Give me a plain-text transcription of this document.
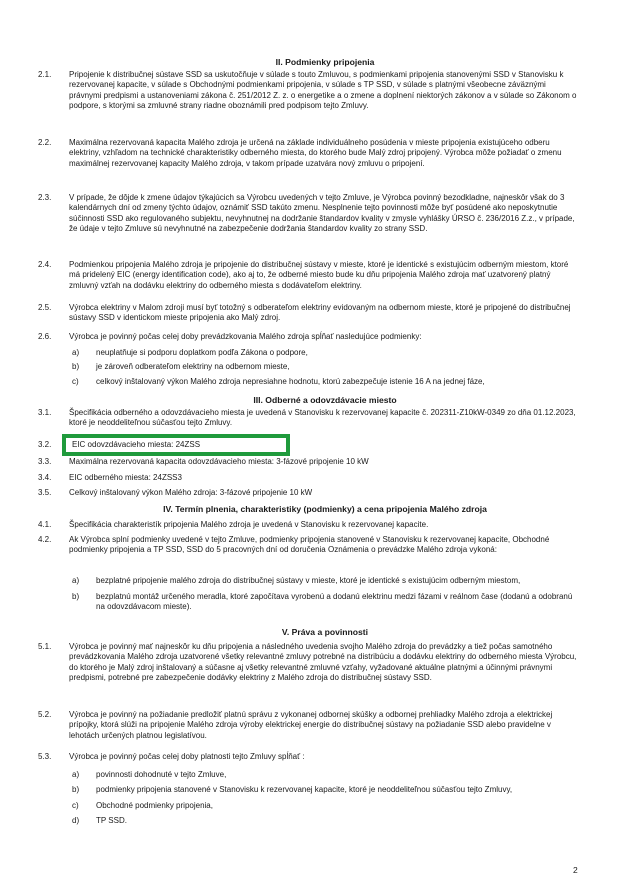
II. Podmienky pripojenia
2.1.	Pripojenie k distribučnej sústave SSD sa uskutočňuje v súlade s touto Zmluvou, s podmienkami pripojenia stanovenými SSD v Stanovisku k rezervovanej kapacite, v súlade s Obchodnými podmienkami pripojenia, v súlade s TP SSD, v súlade s platnými všeobecne záväznými právnymi predpismi a ustanoveniami zákona č. 251/2012 Z. z. o energetike a o zmene a doplnení niektorých zákonov a v súlade so Zákonom o podpore, s ktorými sa zmluvné strany riadne oboznámili pred podpisom tejto Zmluvy.
2.2.	Maximálna rezervovaná kapacita Malého zdroja je určená na základe individuálneho posúdenia v mieste pripojenia existujúceho odberu elektriny, vzhľadom na technické charakteristiky odberného miesta, do ktorého bude Malý zdroj pripojený. Výrobca môže požiadať o zmenu maximálnej rezervovanej kapacity Malého zdroja, v takom prípade uzatvára nový zmluvu o pripojení.
2.3.	V prípade, že dôjde k zmene údajov týkajúcich sa Výrobcu uvedených v tejto Zmluve, je Výrobca povinný bezodkladne, najneskôr však do 3 kalendárnych dní od zmeny týchto údajov, oznámiť SSD takúto zmenu. Nesplnenie tejto povinnosti môže byť posúdené ako neposkytnutie súčinnosti SSD ako regulovaného subjektu, nevyhnutnej na dodržanie štandardov kvality v zmysle vyhlášky ÚRSO č. 236/2016 Z.z., v prípade, že údaje v tejto Zmluve sú nevyhnutné na zabezpečenie dodržania štandardov kvality zo strany SSD.
2.4.	Podmienkou pripojenia Malého zdroja je pripojenie do distribučnej sústavy v mieste, ktoré je identické s existujúcim odberným miestom, ktoré má pridelený EIC (energy identification code), ako aj to, že odberné miesto bude ku dňu pripojenia Malého zdroja mať uzatvorený platný zmluvný vzťah na dodávku elektriny do odberného miesta s dodávateľom elektriny.
2.5.	Výrobca elektriny v Malom zdroji musí byť totožný s odberateľom elektriny evidovaným na odbernom mieste, ktoré je pripojené do distribučnej sústavy SSD v identickom mieste pripojenia ako Malý zdroj.
2.6.	Výrobca je povinný počas celej doby prevádzkovania Malého zdroja spĺňať nasledujúce podmienky:
a)	neuplatňuje si podporu doplatkom podľa Zákona o podpore,
b)	je zároveň odberateľom elektriny na odbernom mieste,
c)	celkový inštalovaný výkon Malého zdroja nepresiahne hodnotu, ktorú zabezpečuje istenie 16 A na jednej fáze,
III. Odberné a odovzdávacie miesto
3.1.	Špecifikácia odberného a odovzdávacieho miesta je uvedená v Stanovisku k rezervovanej kapacite č. 202311-Z10kW-0349 zo dňa 01.12.2023, ktoré je neoddeliteľnou súčasťou tejto Zmluvy.
3.2.	EIC odovzdávacieho miesta: 24ZSS
3.3.	Maximálna rezervovaná kapacita odovzdávacieho miesta: 3-fázové pripojenie 10 kW
3.4.	EIC odberného miesta: 24ZSS3
3.5.	Celkový inštalovaný výkon Malého zdroja: 3-fázové pripojenie 10 kW
IV. Termín plnenia, charakteristiky (podmienky) a cena pripojenia Malého zdroja
4.1.	Špecifikácia charakteristík pripojenia Malého zdroja je uvedená v Stanovisku k rezervovanej kapacite.
4.2.	Ak Výrobca splní podmienky uvedené v tejto Zmluve, podmienky pripojenia stanovené v Stanovisku k rezervovanej kapacite, Obchodné podmienky pripojenia a TP SSD, SSD do 5 pracovných dní od doručenia Oznámenia o prevádzke Malého zdroja vykoná:
a)	bezplatné pripojenie malého zdroja do distribučnej sústavy v mieste, ktoré je identické s existujúcim odberným miestom,
b)	bezplatnú montáž určeného meradla, ktoré započítava vyrobenú a dodanú elektrinu medzi fázami v reálnom čase (dodanú a odobranú na odovzdávacom mieste).
V. Práva a povinnosti
5.1.	Výrobca je povinný mať najneskôr ku dňu pripojenia a následného uvedenia svojho Malého zdroja do prevádzky a tiež počas samotného prevádzkovania Malého zdroja uzatvorené všetky relevantné zmluvy potrebné na distribúciu a dodávku elektriny do odberného miesta Výrobcu, do ktorého je Malý zdroj inštalovaný a súčasne aj všetky relevantné zmluvné vzťahy, vyžadované aktuálne platnými a účinnými právnymi predpismi, potrebné pre zabezpečenie dodávky elektriny z Malého zdroja do distribučnej sústavy SSD.
5.2.	Výrobca je povinný na požiadanie predložiť platnú správu z vykonanej odbornej skúšky a odbornej prehliadky Malého zdroja a elektrickej prípojky, ktorá slúži na pripojenie Malého zdroja výroby elektrickej energie do distribučnej sústavy na požiadanie SSD alebo pravidelne v lehotách určených platnou legislatívou.
5.3.	Výrobca je povinný počas celej doby platnosti tejto Zmluvy spĺňať :
a)	povinnosti dohodnuté v tejto Zmluve,
b)	podmienky pripojenia stanovené v Stanovisku k rezervovanej kapacite, ktoré je neoddeliteľnou súčasťou tejto Zmluvy,
c)	Obchodné podmienky pripojenia,
d)	TP SSD.
2
